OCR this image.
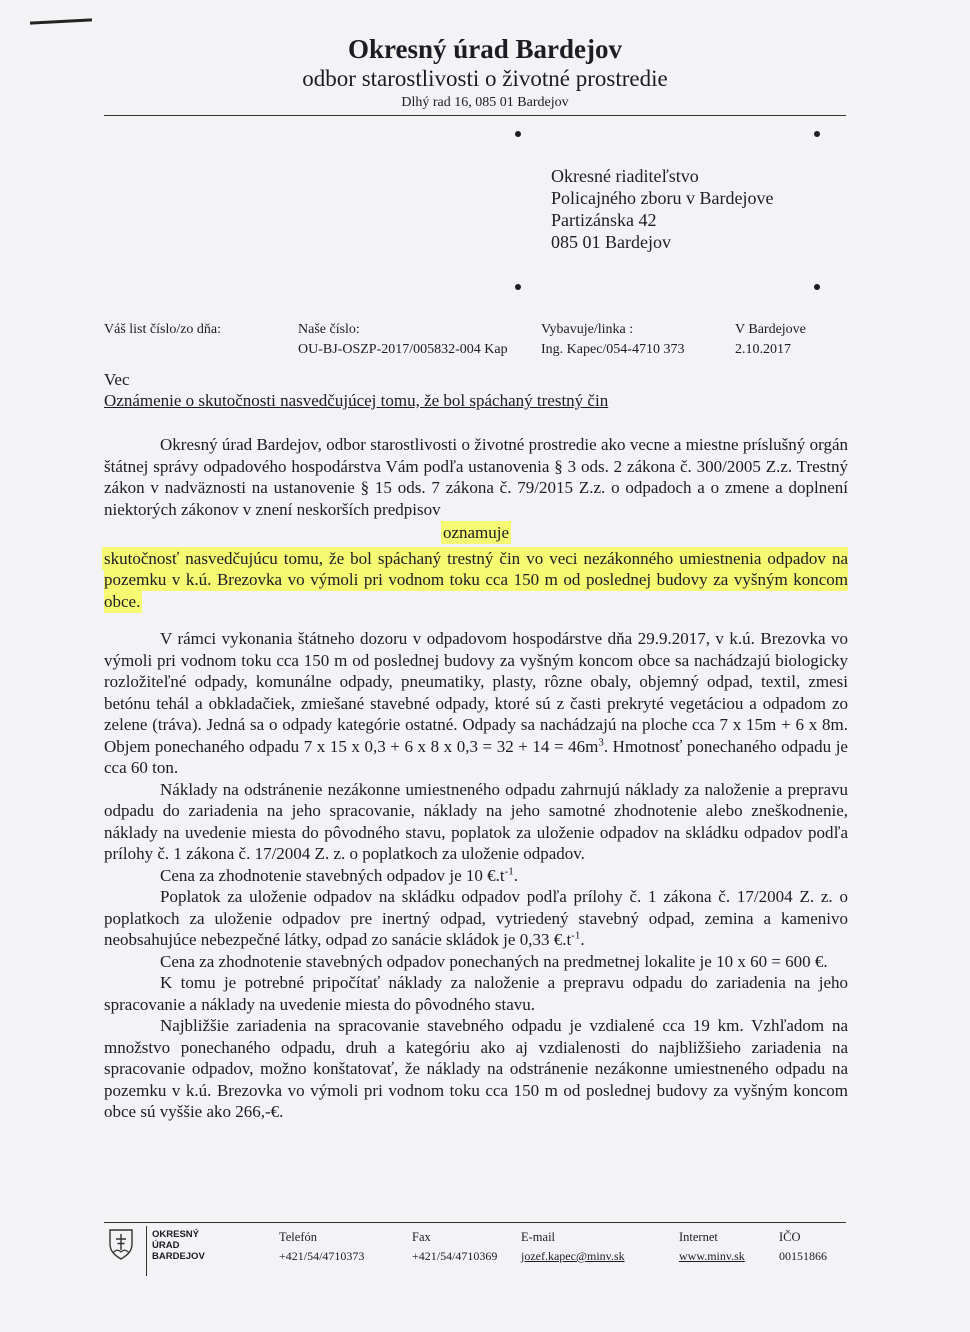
Okresný úrad Bardejov
odbor starostlivosti o životné prostredie
Dlhý rad 16, 085 01 Bardejov
Okresné riaditeľstvo
Policajného zboru v Bardejove
Partizánska 42
085 01 Bardejov
Váš list číslo/zo dňa:	Naše číslo:
OU-BJ-OSZP-2017/005832-004 Kap
Vybavuje/linka :
Ing. Kapec/054-4710 373
V Bardejove
2.10.2017
Vec
Oznámenie o skutočnosti nasvedčujúcej tomu, že bol spáchaný trestný čin

Okresný úrad Bardejov, odbor starostlivosti o životné prostredie ako vecne a miestne príslušný orgán štátnej správy odpadového hospodárstva Vám podľa ustanovenia § 3 ods. 2 zákona č. 300/2005 Z.z. Trestný zákon v nadväznosti na ustanovenie § 15 ods. 7 zákona č. 79/2015 Z.z. o odpadoch a o zmene a doplnení niektorých zákonov v znení neskorších predpisov

oznamuje

skutočnosť nasvedčujúcu tomu, že bol spáchaný trestný čin vo veci nezákonného umiestnenia odpadov na pozemku v k.ú. Brezovka vo výmoli pri vodnom toku cca 150 m od poslednej budovy za vyšným koncom obce.

V rámci vykonania štátneho dozoru v odpadovom hospodárstve dňa 29.9.2017, v k.ú. Brezovka vo výmoli pri vodnom toku cca 150 m od poslednej budovy za vyšným koncom obce sa nachádzajú biologicky rozložiteľné odpady, komunálne odpady, pneumatiky, plasty, rôzne obaly, objemný odpad, textil, zmesi betónu tehál a obkladačiek, zmiešané stavebné odpady, ktoré sú z časti prekryté vegetáciou a odpadom zo zelene (tráva). Jedná sa o odpady kategórie ostatné. Odpady sa nachádzajú na ploche cca 7 x 15m + 6 x 8m. Objem ponechaného odpadu 7 x 15 x 0,3 + 6 x 8 x $0,3 = 32 + 14 = 46m^3$. Hmotnosť ponechaného odpadu je cca 60 ton.

Náklady na odstránenie nezákonne umiestneného odpadu zahrnujú náklady za naloženie a prepravu odpadu do zariadenia na jeho spracovanie, náklady na jeho samotné zhodnotenie alebo zneškodnenie, náklady na uvedenie miesta do pôvodného stavu, poplatok za uloženie odpadov na skládku odpadov podľa prílohy č. 1 zákona č. 17/2004 Z. z. o poplatkoch za uloženie odpadov.

Cena za zhodnotenie stavebných odpadov je 10 $€.t^{-1}$.

Poplatok za uloženie odpadov na skládku odpadov podľa prílohy č. 1 zákona č. 17/2004 Z. z. o poplatkoch za uloženie odpadov pre inertný odpad, vytriedený stavebný odpad, zemina a kamenivo neobsahujúce nebezpečné látky, odpad zo sanácie skládok je 0,33 $€.t^{-1}$.

Cena za zhodnotenie stavebných odpadov ponechaných na predmetnej lokalite je 10 x 60 = 600 €.

K tomu je potrebné pripočítať náklady za naloženie a prepravu odpadu do zariadenia na jeho spracovanie a náklady na uvedenie miesta do pôvodného stavu.

Najbližšie zariadenia na spracovanie stavebného odpadu je vzdialené cca 19 km. Vzhľadom na množstvo ponechaného odpadu, druh a kategóriu ako aj vzdialenosti do najbližšieho zariadenia na spracovanie odpadov, možno konštatovať, že náklady na odstránenie nezákonne umiestneného odpadu na pozemku v k.ú. Brezovka vo výmoli pri vodnom toku cca 150 m od poslednej budovy za vyšným koncom obce sú vyššie ako 266,-€.

OKRESNÝ
ÚRAD
BARDEJOV
Telefón
+421/54/4710373
Fax
+421/54/4710369
E-mail
jozef.kapec@minv.sk
Internet
www.minv.sk
IČO
00151866
